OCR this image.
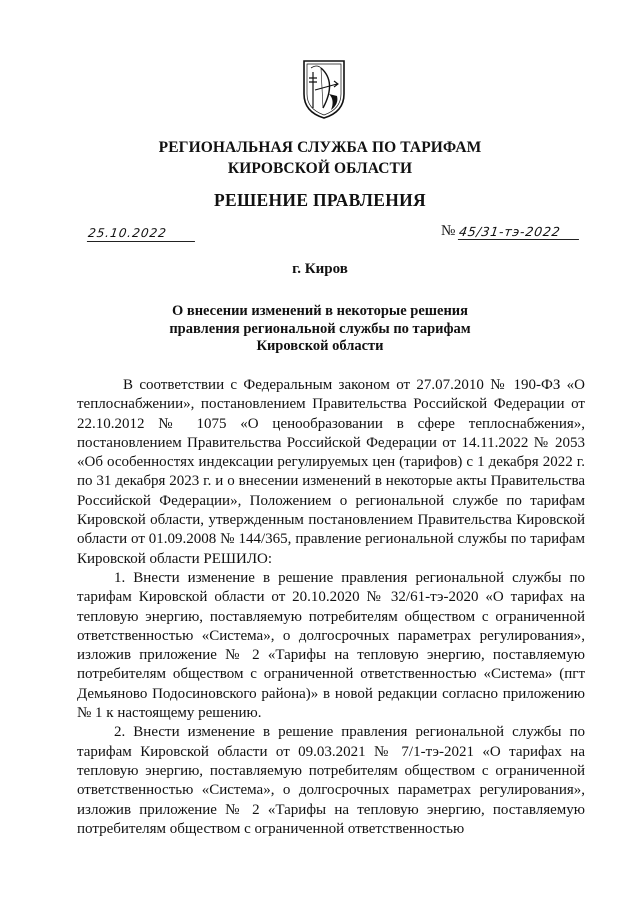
РЕГИОНАЛЬНАЯ СЛУЖБА ПО ТАРИФАМ
КИРОВСКОЙ ОБЛАСТИ
РЕШЕНИЕ ПРАВЛЕНИЯ
25.10.2022	№ 45/31-тэ-2022
г. Киров
О внесении изменений в некоторые решения
правления региональной службы по тарифам
Кировской области

В соответствии с Федеральным законом от 27.07.2010 № 190-ФЗ «О теплоснабжении», постановлением Правительства Российской Федерации от 22.10.2012 № 1075 «О ценообразовании в сфере теплоснабжения», постановлением Правительства Российской Федерации от 14.11.2022 № 2053 «Об особенностях индексации регулируемых цен (тарифов) с 1 декабря 2022 г. по 31 декабря 2023 г. и о внесении изменений в некоторые акты Правительства Российской Федерации», Положением о региональной службе по тарифам Кировской области, утвержденным постановлением Правительства Кировской области от 01.09.2008 № 144/365, правление региональной службы по тарифам Кировской области РЕШИЛО:

1. Внести изменение в решение правления региональной службы по тарифам Кировской области от 20.10.2020 № 32/61-тэ-2020 «О тарифах на тепловую энергию, поставляемую потребителям обществом с ограниченной ответственностью «Система», о долгосрочных параметрах регулирования», изложив приложение № 2 «Тарифы на тепловую энергию, поставляемую потребителям обществом с ограниченной ответственностью «Система» (пгт Демьяново Подосиновского района)» в новой редакции согласно приложению № 1 к настоящему решению.

2. Внести изменение в решение правления региональной службы по тарифам Кировской области от 09.03.2021 № 7/1-тэ-2021 «О тарифах на тепловую энергию, поставляемую потребителям обществом с ограниченной ответственностью «Система», о долгосрочных параметрах регулирования», изложив приложение № 2 «Тарифы на тепловую энергию, поставляемую потребителям обществом с ограниченной ответственностью
